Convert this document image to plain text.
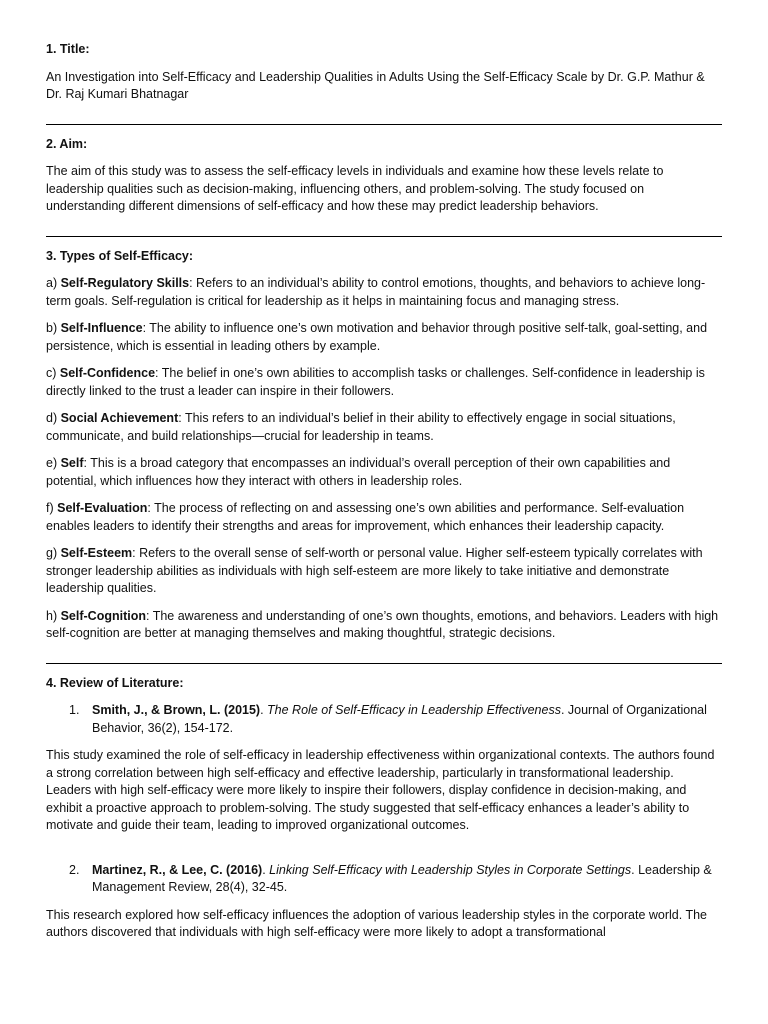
1. Title:

An Investigation into Self-Efficacy and Leadership Qualities in Adults Using the Self-Efficacy Scale by Dr. G.P. Mathur & Dr. Raj Kumari Bhatnagar

2. Aim:

The aim of this study was to assess the self-efficacy levels in individuals and examine how these levels relate to leadership qualities such as decision-making, influencing others, and problem-solving. The study focused on understanding different dimensions of self-efficacy and how these may predict leadership behaviors.

3. Types of Self-Efficacy:

a) Self-Regulatory Skills: Refers to an individual’s ability to control emotions, thoughts, and behaviors to achieve long-term goals. Self-regulation is critical for leadership as it helps in maintaining focus and managing stress.

b) Self-Influence: The ability to influence one’s own motivation and behavior through positive self-talk, goal-setting, and persistence, which is essential in leading others by example.

c) Self-Confidence: The belief in one’s own abilities to accomplish tasks or challenges. Self-confidence in leadership is directly linked to the trust a leader can inspire in their followers.

d) Social Achievement: This refers to an individual’s belief in their ability to effectively engage in social situations, communicate, and build relationships—crucial for leadership in teams.

e) Self: This is a broad category that encompasses an individual’s overall perception of their own capabilities and potential, which influences how they interact with others in leadership roles.

f) Self-Evaluation: The process of reflecting on and assessing one’s own abilities and performance. Self-evaluation enables leaders to identify their strengths and areas for improvement, which enhances their leadership capacity.

g) Self-Esteem: Refers to the overall sense of self-worth or personal value. Higher self-esteem typically correlates with stronger leadership abilities as individuals with high self-esteem are more likely to take initiative and demonstrate leadership qualities.

h) Self-Cognition: The awareness and understanding of one’s own thoughts, emotions, and behaviors. Leaders with high self-cognition are better at managing themselves and making thoughtful, strategic decisions.

4. Review of Literature:

1.	Smith, J., & Brown, L. (2015). The Role of Self-Efficacy in Leadership Effectiveness. Journal of Organizational Behavior, 36(2), 154-172.

This study examined the role of self-efficacy in leadership effectiveness within organizational contexts. The authors found a strong correlation between high self-efficacy and effective leadership, particularly in transformational leadership. Leaders with high self-efficacy were more likely to inspire their followers, display confidence in decision-making, and exhibit a proactive approach to problem-solving. The study suggested that self-efficacy enhances a leader’s ability to motivate and guide their team, leading to improved organizational outcomes.

2.	Martinez, R., & Lee, C. (2016). Linking Self-Efficacy with Leadership Styles in Corporate Settings. Leadership & Management Review, 28(4), 32-45.

This research explored how self-efficacy influences the adoption of various leadership styles in the corporate world. The authors discovered that individuals with high self-efficacy were more likely to adopt a transformational
